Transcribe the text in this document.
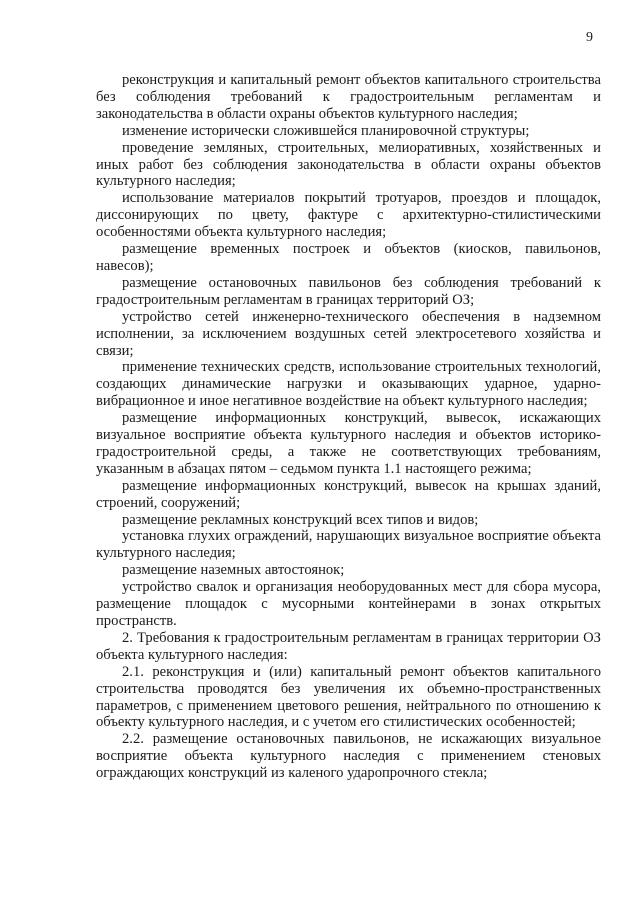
9

реконструкция и капитальный ремонт объектов капитального строительства без соблюдения требований к градостроительным регламентам и законодательства в области охраны объектов культурного наследия;

изменение исторически сложившейся планировочной структуры;

проведение земляных, строительных, мелиоративных, хозяйственных и иных работ без соблюдения законодательства в области охраны объектов культурного наследия;

использование материалов покрытий тротуаров, проездов и площадок, диссонирующих по цвету, фактуре с архитектурно-стилистическими особенностями объекта культурного наследия;

размещение временных построек и объектов (киосков, павильонов, навесов);

размещение остановочных павильонов без соблюдения требований к градостроительным регламентам в границах территорий ОЗ;

устройство сетей инженерно-технического обеспечения в надземном исполнении, за исключением воздушных сетей электросетевого хозяйства и связи;

применение технических средств, использование строительных технологий, создающих динамические нагрузки и оказывающих ударное, ударно-вибрационное и иное негативное воздействие на объект культурного наследия;

размещение информационных конструкций, вывесок, искажающих визуальное восприятие объекта культурного наследия и объектов историко-градостроительной среды, а также не соответствующих требованиям, указанным в абзацах пятом – седьмом пункта 1.1 настоящего режима;

размещение информационных конструкций, вывесок на крышах зданий, строений, сооружений;

размещение рекламных конструкций всех типов и видов;

установка глухих ограждений, нарушающих визуальное восприятие объекта культурного наследия;

размещение наземных автостоянок;

устройство свалок и организация необорудованных мест для сбора мусора, размещение площадок с мусорными контейнерами в зонах открытых пространств.

2. Требования к градостроительным регламентам в границах территории ОЗ объекта культурного наследия:

2.1. реконструкция и (или) капитальный ремонт объектов капитального строительства проводятся без увеличения их объемно-пространственных параметров, с применением цветового решения, нейтрального по отношению к объекту культурного наследия, и с учетом его стилистических особенностей;

2.2. размещение остановочных павильонов, не искажающих визуальное восприятие объекта культурного наследия с применением стеновых ограждающих конструкций из каленого ударопрочного стекла;
